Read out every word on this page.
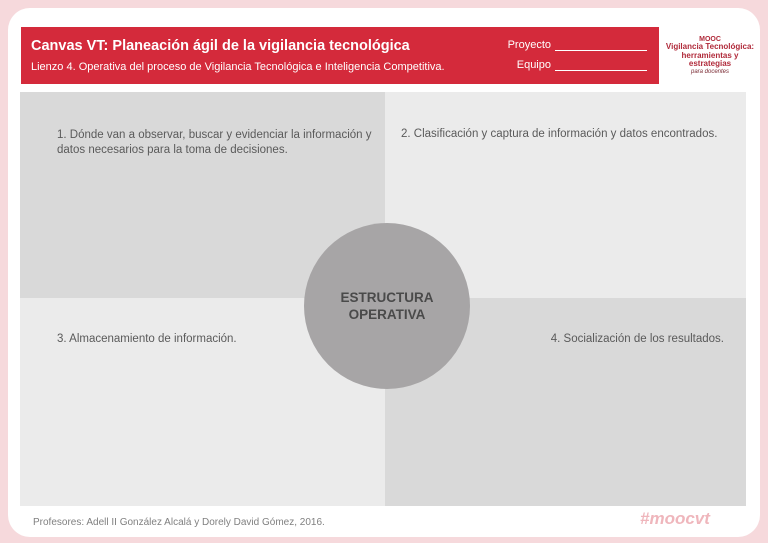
Canvas VT: Planeación ágil de la vigilancia tecnológica
Lienzo 4. Operativa del proceso de Vigilancia Tecnológica e Inteligencia Competitiva.
Proyecto
Equipo
MOOC
Vigilancia Tecnológica:
herramientas y estrategias
para docentes
1. Dónde van a observar, buscar y evidenciar la información y datos necesarios para la toma de decisiones.
2. Clasificación y captura de información y datos encontrados.
3. Almacenamiento de información.	4. Socialización de los resultados.
ESTRUCTURA OPERATIVA
Profesores: Adell II González Alcalá y Dorely David Gómez, 2016.	#moocvt
